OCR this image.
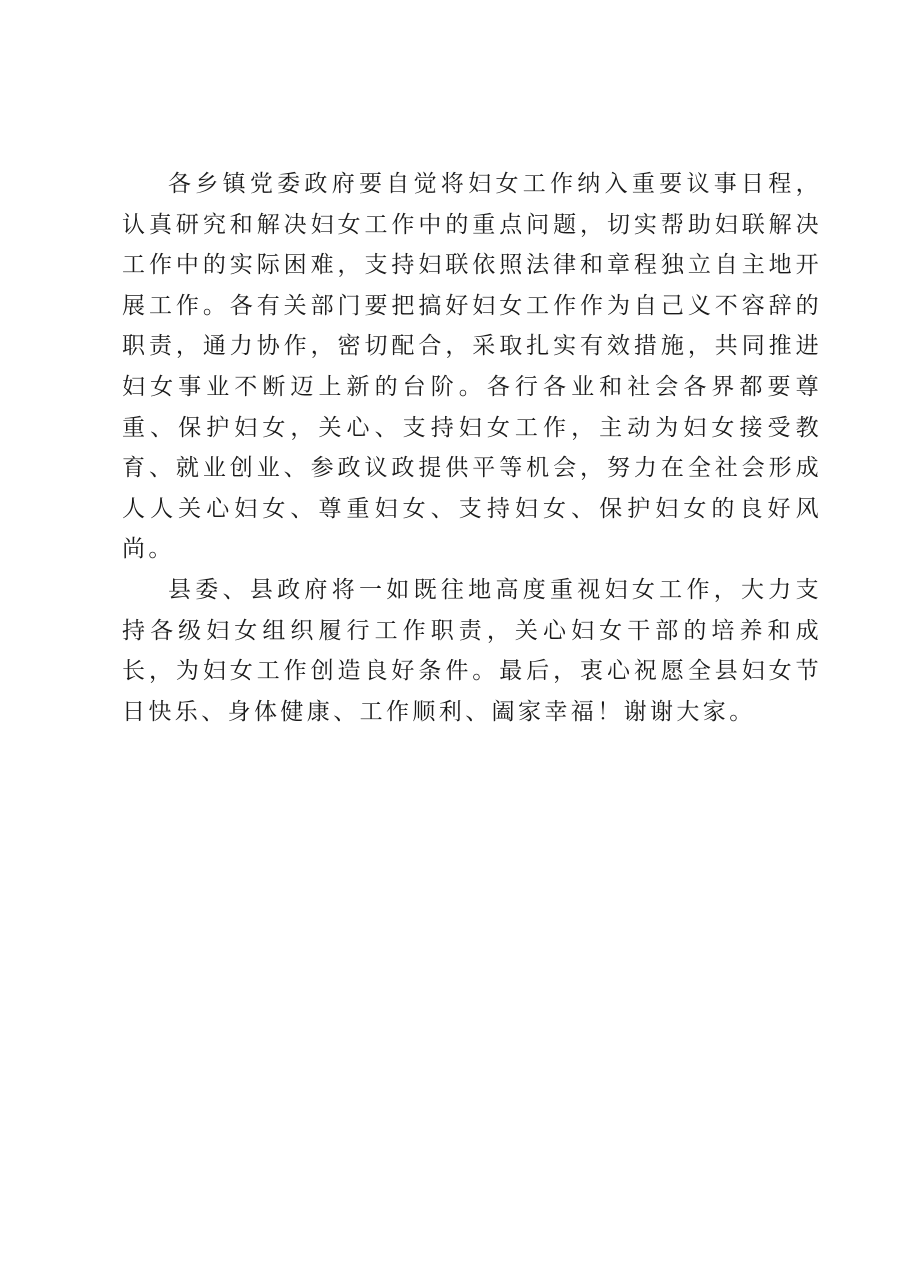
各乡镇党委政府要自觉将妇女工作纳入重要议事日程，认真研究和解决妇女工作中的重点问题，切实帮助妇联解决工作中的实际困难，支持妇联依照法律和章程独立自主地开展工作。各有关部门要把搞好妇女工作作为自己义不容辞的职责，通力协作，密切配合，采取扎实有效措施，共同推进妇女事业不断迈上新的台阶。各行各业和社会各界都要尊重、保护妇女，关心、支持妇女工作，主动为妇女接受教育、就业创业、参政议政提供平等机会，努力在全社会形成人人关心妇女、尊重妇女、支持妇女、保护妇女的良好风尚。

县委、县政府将一如既往地高度重视妇女工作，大力支持各级妇女组织履行工作职责，关心妇女干部的培养和成长，为妇女工作创造良好条件。最后，衷心祝愿全县妇女节日快乐、身体健康、工作顺利、阖家幸福！谢谢大家。
